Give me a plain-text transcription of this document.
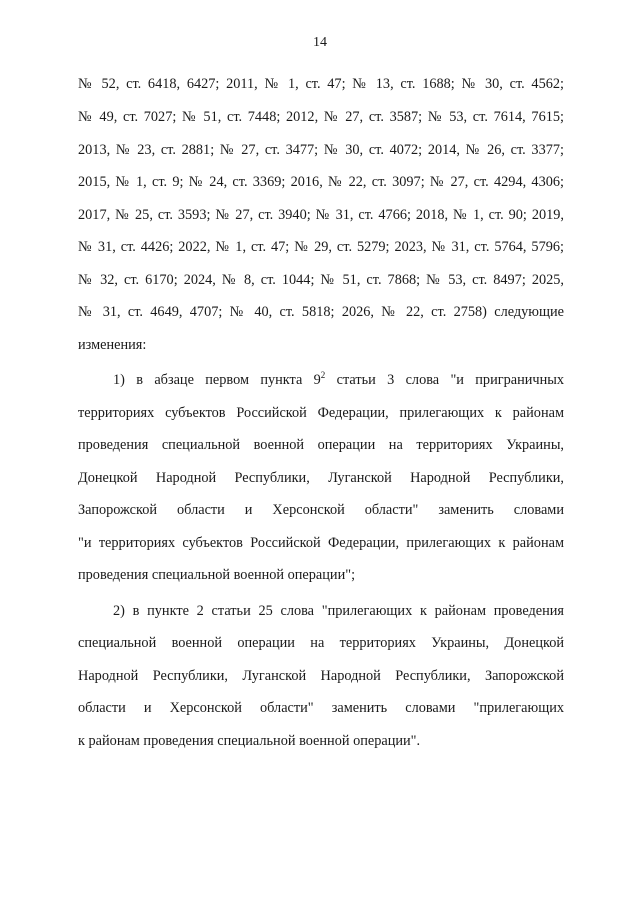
14
№ 52, ст. 6418, 6427; 2011, № 1, ст. 47; № 13, ст. 1688; № 30, ст. 4562;
№ 49, ст. 7027; № 51, ст. 7448; 2012, № 27, ст. 3587; № 53, ст. 7614, 7615;
2013, № 23, ст. 2881; № 27, ст. 3477; № 30, ст. 4072; 2014, № 26, ст. 3377;
2015, № 1, ст. 9; № 24, ст. 3369; 2016, № 22, ст. 3097; № 27, ст. 4294, 4306;
2017, № 25, ст. 3593; № 27, ст. 3940; № 31, ст. 4766; 2018, № 1, ст. 90; 2019,
№ 31, ст. 4426; 2022, № 1, ст. 47; № 29, ст. 5279; 2023, № 31, ст. 5764, 5796;
№ 32, ст. 6170; 2024, № 8, ст. 1044; № 51, ст. 7868; № 53, ст. 8497; 2025,
№ 31, ст. 4649, 4707; № 40, ст. 5818; 2026, № 22, ст. 2758) следующие
изменения:
1) в абзаце первом пункта $9^2$ статьи 3 слова "и приграничных
территориях субъектов Российской Федерации, прилегающих к районам
проведения специальной военной операции на территориях Украины,
Донецкой Народной Республики, Луганской Народной Республики,
Запорожской области и Херсонской области" заменить словами
"и территориях субъектов Российской Федерации, прилегающих к районам
проведения специальной военной операции";
2) в пункте 2 статьи 25 слова "прилегающих к районам проведения
специальной военной операции на территориях Украины, Донецкой
Народной Республики, Луганской Народной Республики, Запорожской
области и Херсонской области" заменить словами "прилегающих
к районам проведения специальной военной операции".
